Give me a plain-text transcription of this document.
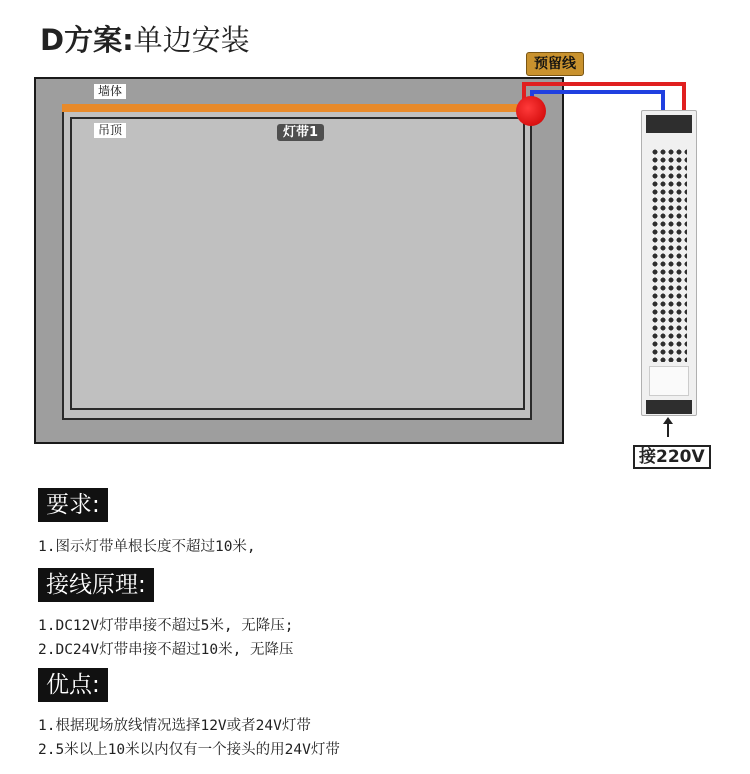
D方案:单边安装
墙体
吊顶	灯带1
预留线
接220V
要求:
1.图示灯带单根长度不超过10米,
接线原理:
1.DC12V灯带串接不超过5米, 无降压;
2.DC24V灯带串接不超过10米, 无降压
优点:
1.根据现场放线情况选择12V或者24V灯带
2.5米以上10米以内仅有一个接头的用24V灯带
